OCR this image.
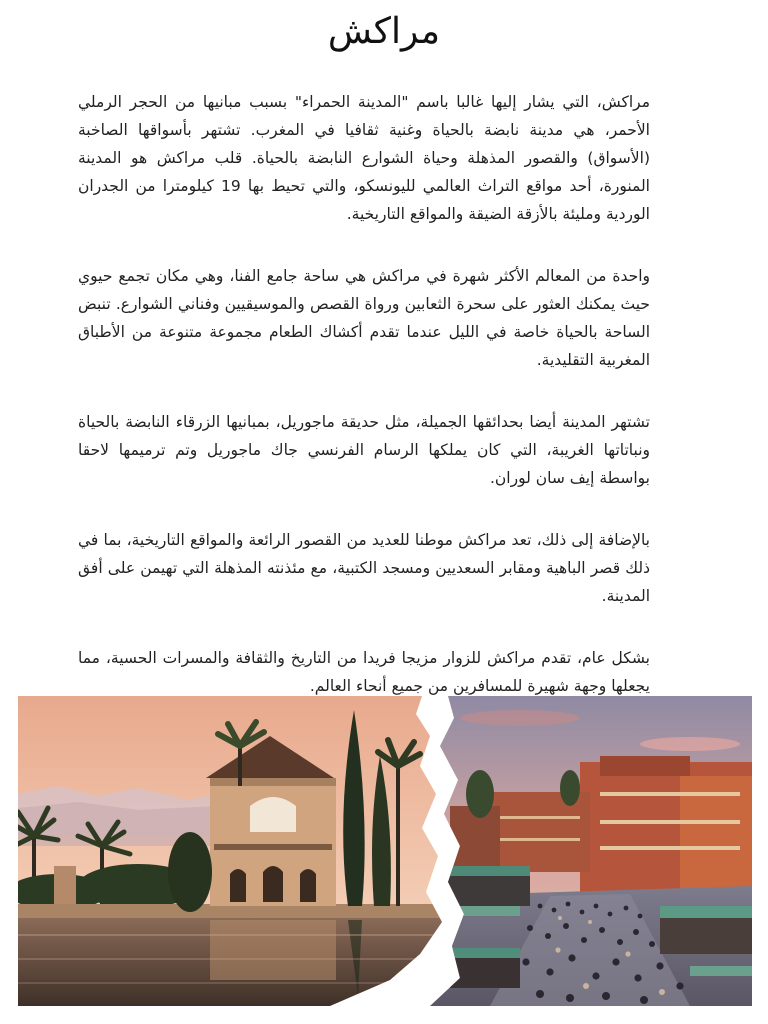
مراكش

مراكش، التي يشار إليها غالبا باسم "المدينة الحمراء" بسبب مبانيها من الحجر الرملي الأحمر، هي مدينة نابضة بالحياة وغنية ثقافيا في المغرب. تشتهر بأسواقها الصاخبة (الأسواق) والقصور المذهلة وحياة الشوارع النابضة بالحياة. قلب مراكش هو المدينة المنورة، أحد مواقع التراث العالمي لليونسكو، والتي تحيط بها 19 كيلومترا من الجدران الوردية ومليئة بالأزقة الضيقة والمواقع التاريخية.

واحدة من المعالم الأكثر شهرة في مراكش هي ساحة جامع الفنا، وهي مكان تجمع حيوي حيث يمكنك العثور على سحرة الثعابين ورواة القصص والموسيقيين وفناني الشوارع. تنبض الساحة بالحياة خاصة في الليل عندما تقدم أكشاك الطعام مجموعة متنوعة من الأطباق المغربية التقليدية.

تشتهر المدينة أيضا بحدائقها الجميلة، مثل حديقة ماجوريل، بمبانيها الزرقاء النابضة بالحياة ونباتاتها الغريبة، التي كان يملكها الرسام الفرنسي جاك ماجوريل وتم ترميمها لاحقا بواسطة إيف سان لوران.

بالإضافة إلى ذلك، تعد مراكش موطنا للعديد من القصور الرائعة والمواقع التاريخية، بما في ذلك قصر الباهية ومقابر السعديين ومسجد الكتبية، مع مئذنته المذهلة التي تهيمن على أفق المدينة.

بشكل عام، تقدم مراكش للزوار مزيجا فريدا من التاريخ والثقافة والمسرات الحسية، مما يجعلها وجهة شهيرة للمسافرين من جميع أنحاء العالم.
